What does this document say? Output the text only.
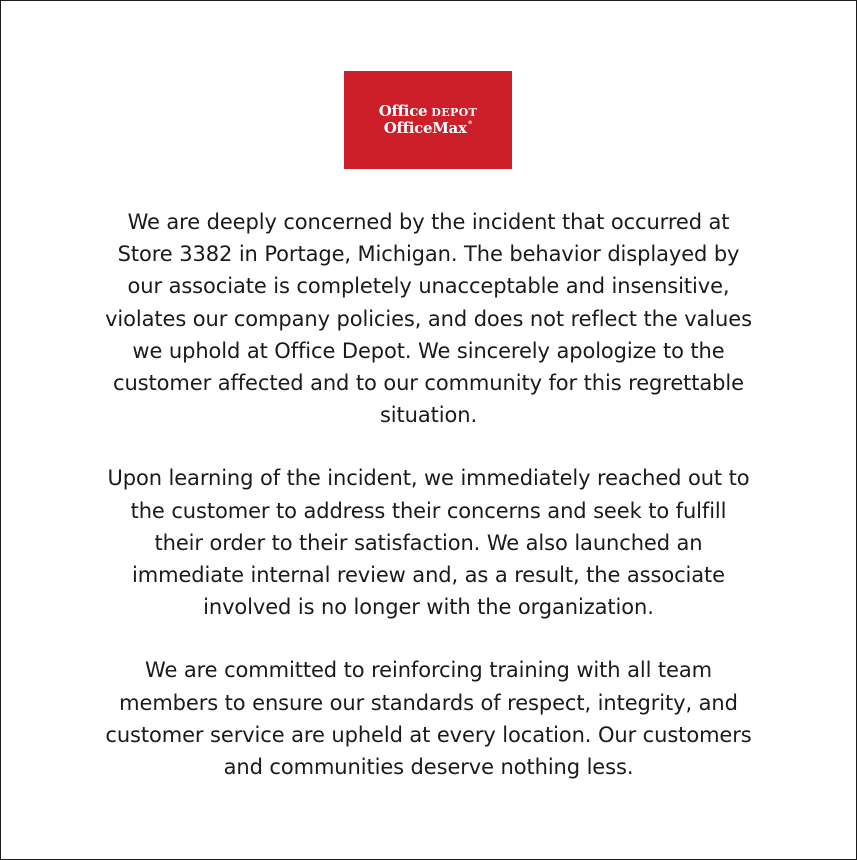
Office DEPOT
OfficeMax®

We are deeply concerned by the incident that occurred at
Store 3382 in Portage, Michigan. The behavior displayed by
our associate is completely unacceptable and insensitive,
violates our company policies, and does not reflect the values
we uphold at Office Depot. We sincerely apologize to the
customer affected and to our community for this regrettable
situation.

Upon learning of the incident, we immediately reached out to
the customer to address their concerns and seek to fulfill
their order to their satisfaction. We also launched an
immediate internal review and, as a result, the associate
involved is no longer with the organization.

We are committed to reinforcing training with all team
members to ensure our standards of respect, integrity, and
customer service are upheld at every location. Our customers
and communities deserve nothing less.
